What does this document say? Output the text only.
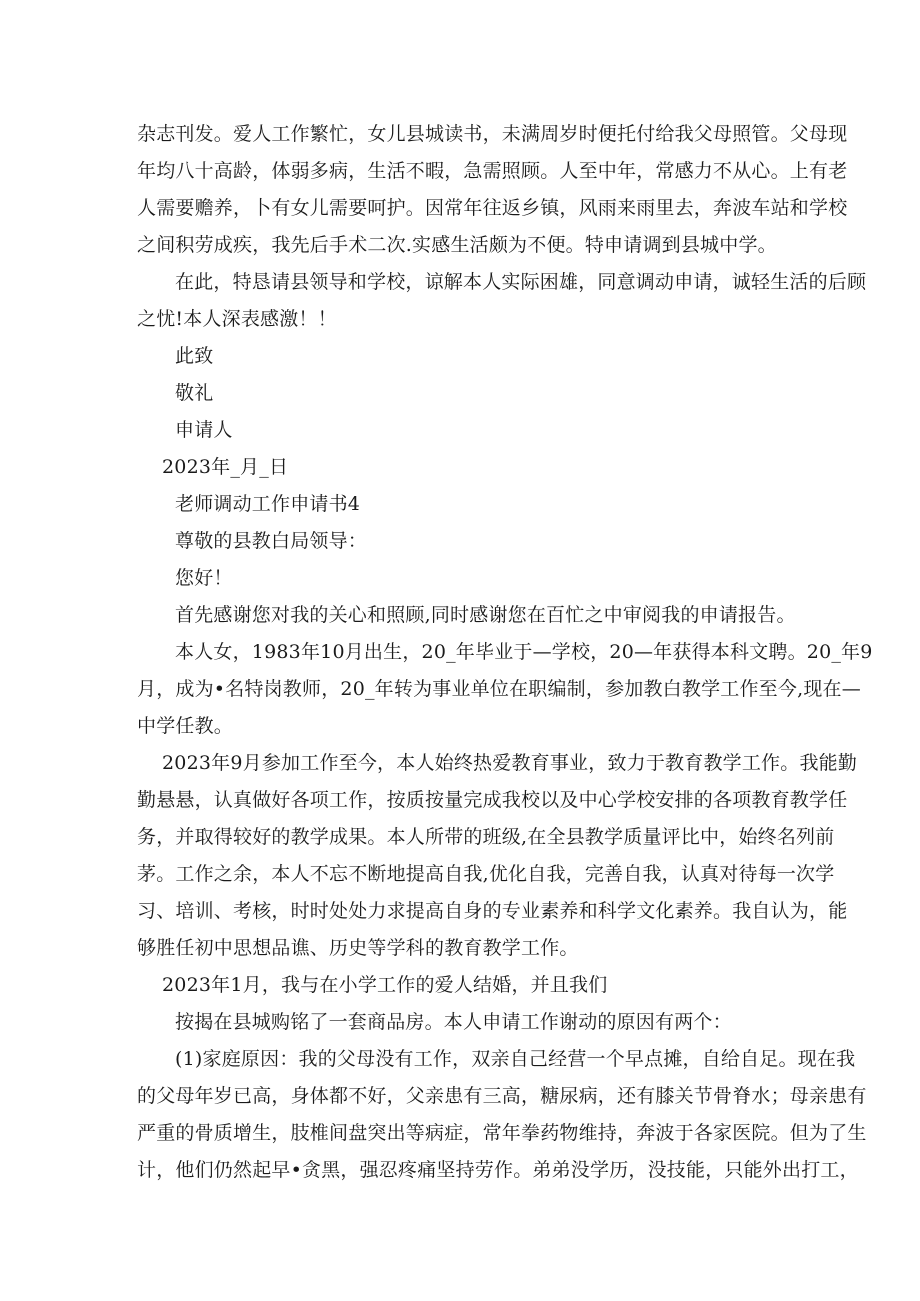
杂志刊发。爱人工作繁忙，女儿县城读书，未满周岁时便托付给我父母照管。父母现
年均八十高龄，体弱多病，生活不暇，急需照顾。人至中年，常感力不从心。上有老
人需要赡养，卜有女儿需要呵护。因常年往返乡镇，风雨来雨里去，奔波车站和学校
之间积劳成疾，我先后手术二次.实感生活颇为不便。特申请调到县城中学。
在此，特恳请县领导和学校，谅解本人实际困雄，同意调动申请，诚轻生活的后顾
之忧!本人深表感激！！
此致
敬礼
申请人
2023年_月_日
老师调动工作申请书4
尊敬的县教白局领导：
您好！
首先感谢您对我的关心和照顾,同时感谢您在百忙之中审阅我的申请报告。
本人女，1983年10月出生，20_年毕业于—学校，20—年获得本科文聘。20_年9
月，成为•名特岗教师，20_年转为事业单位在职编制，参加教白教学工作至今,现在—
中学任教。
2023年9月参加工作至今，本人始终热爱教育事业，致力于教育教学工作。我能勤
勤悬悬，认真做好各项工作，按质按量完成我校以及中心学校安排的各项教育教学任
务，并取得较好的教学成果。本人所带的班级,在全县教学质量评比中，始终名列前
茅。工作之余，本人不忘不断地提高自我,优化自我，完善自我，认真对待每一次学
习、培训、考核，时时处处力求提高自身的专业素养和科学文化素养。我自认为，能
够胜任初中思想品谯、历史等学科的教育教学工作。
2023年1月，我与在小学工作的爱人结婚，并且我们
按揭在县城购铭了一套商品房。本人申请工作谢动的原因有两个：
(1)家庭原因：我的父母没有工作，双亲自己经营一个早点摊，自给自足。现在我
的父母年岁已高，身体都不好，父亲患有三高，糖尿病，还有膝关节骨脊水；母亲患有
严重的骨质增生，肢椎间盘突出等病症，常年拳药物维持，奔波于各家医院。但为了生
计，他们仍然起早•贪黑，强忍疼痛坚持劳作。弟弟没学历，没技能，只能外出打工，
